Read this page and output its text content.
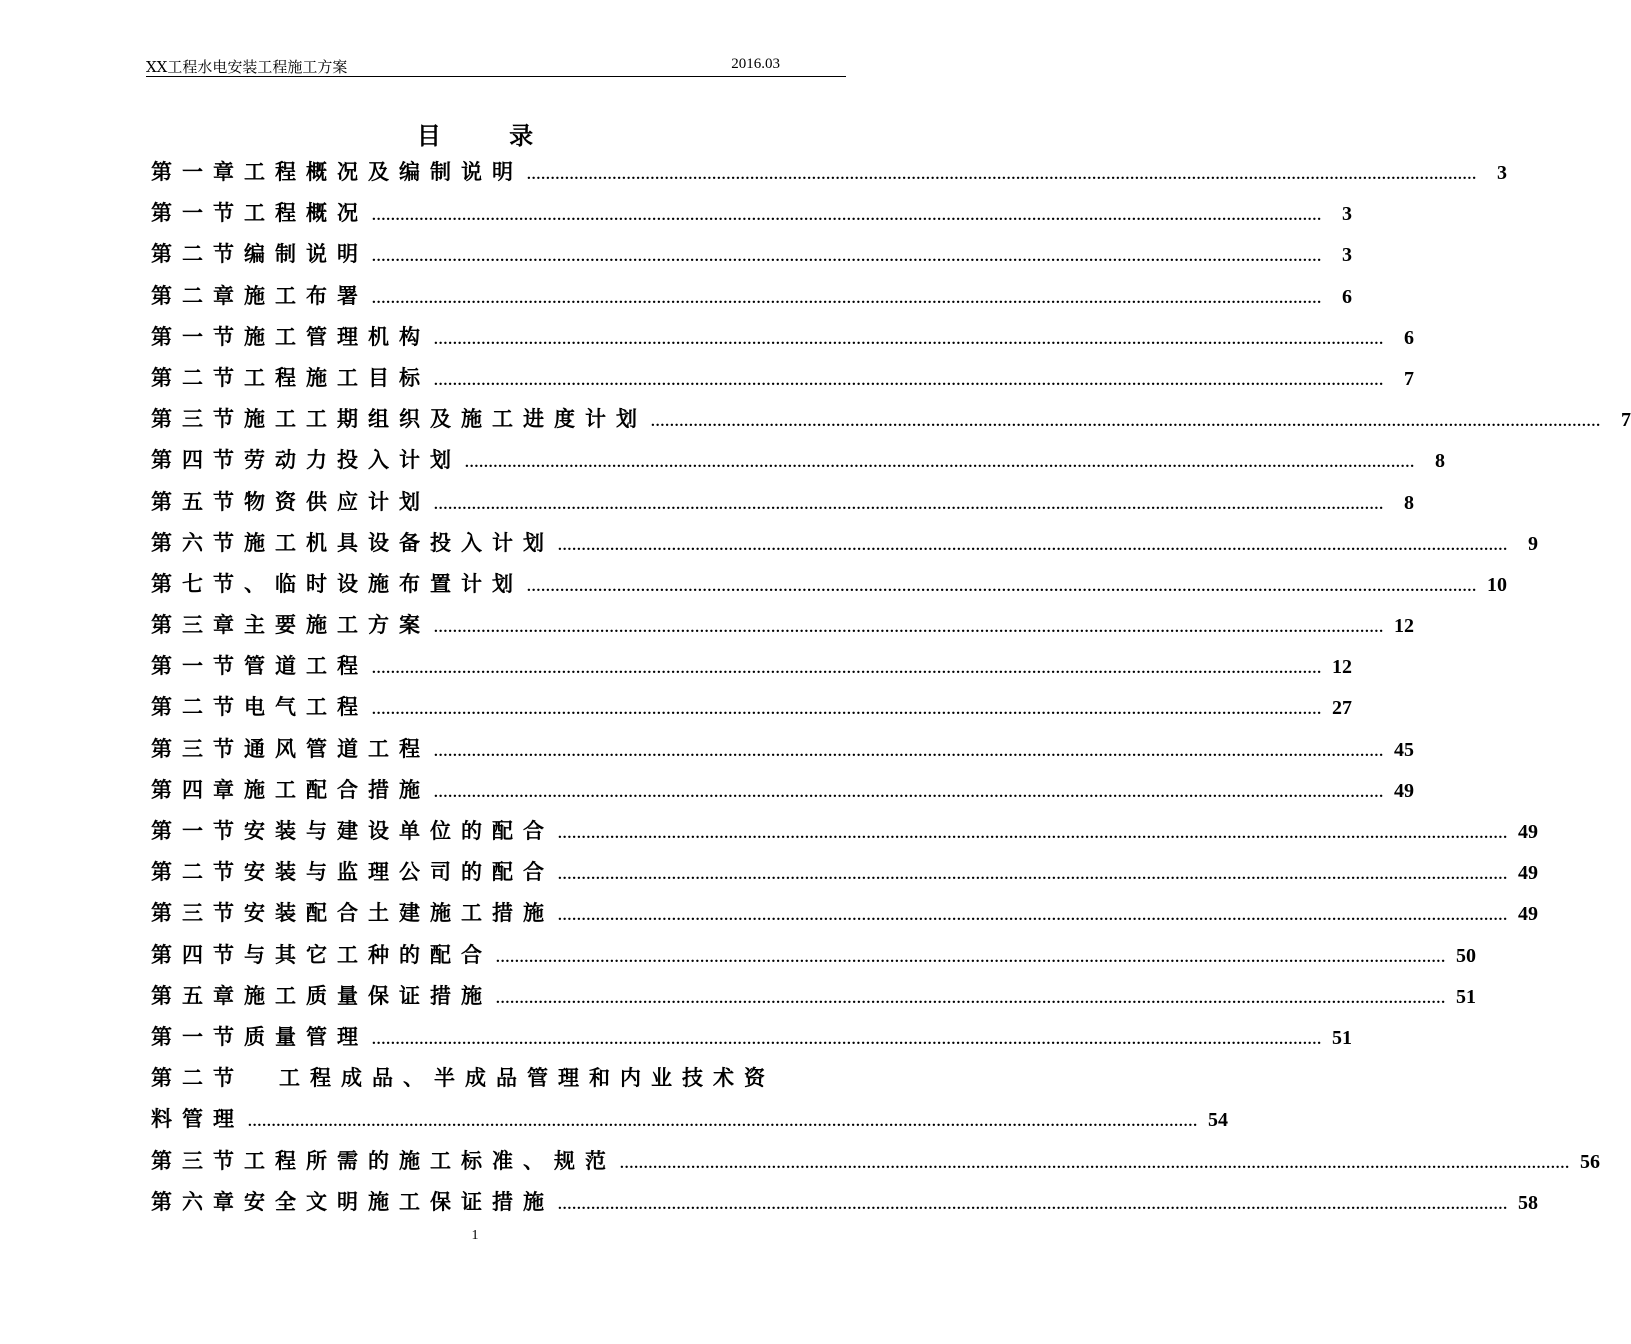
XX工程水电安装工程施工方案	2016.03
目 录
第一章 工程概况及编制说明 ........................................................................................................................................................................................................	3
第一节 工程概况 ........................................................................................................................................................................................................	3
第二节 编制说明 ........................................................................................................................................................................................................	3
第二章 施工布署 ........................................................................................................................................................................................................	6
第一节 施工管理机构 ........................................................................................................................................................................................................	6
第二节 工程施工目标 ........................................................................................................................................................................................................	7
第三节 施工工期组织及施工进度计划 ........................................................................................................................................................................................................	7
第四节 劳动力投入计划 ........................................................................................................................................................................................................	8
第五节 物资供应计划 ........................................................................................................................................................................................................	8
第六节 施工机具设备投入计划 ........................................................................................................................................................................................................	9
第七节、 临时设施布置计划 ........................................................................................................................................................................................................ 10
第三章 主要施工方案 ........................................................................................................................................................................................................ 12
第一节 管道工程 ........................................................................................................................................................................................................ 12
第二节 电气工程 ........................................................................................................................................................................................................ 27
第三节 通风管道工程 ........................................................................................................................................................................................................ 45
第四章 施工配合措施 ........................................................................................................................................................................................................ 49
第一节 安装与建设单位的配合 ........................................................................................................................................................................................................ 49
第二节 安装与监理公司的配合 ........................................................................................................................................................................................................ 49
第三节 安装配合土建施工措施 ........................................................................................................................................................................................................ 49
第四节 与其它工种的配合 ........................................................................................................................................................................................................ 50
第五章 施工质量保证措施 ........................................................................................................................................................................................................ 51
第一节 质量管理 ........................................................................................................................................................................................................ 51
第二节 工程成品、半成品管理和内业技术资
料管理 ........................................................................................................................................................................................................ 54
第三节 工程所需的施工标准、规范 ........................................................................................................................................................................................................ 56
第六章 安全文明施工保证措施 ........................................................................................................................................................................................................ 58
1
